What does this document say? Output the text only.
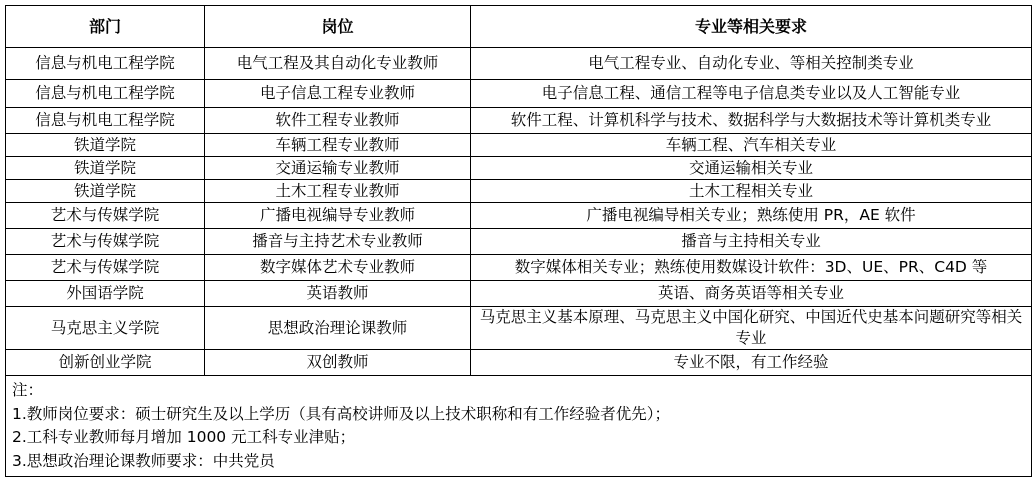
部门	岗位	专业等相关要求
信息与机电工程学院	电气工程及其自动化专业教师	电气工程专业、自动化专业、等相关控制类专业
信息与机电工程学院	电子信息工程专业教师	电子信息工程、通信工程等电子信息类专业以及人工智能专业
信息与机电工程学院	软件工程专业教师	软件工程、计算机科学与技术、数据科学与大数据技术等计算机类专业
铁道学院	车辆工程专业教师	车辆工程、汽车相关专业
铁道学院	交通运输专业教师	交通运输相关专业
铁道学院	土木工程专业教师	土木工程相关专业
艺术与传媒学院	广播电视编导专业教师	广播电视编导相关专业；熟练使用 PR，AE 软件
艺术与传媒学院	播音与主持艺术专业教师	播音与主持相关专业
艺术与传媒学院	数字媒体艺术专业教师	数字媒体相关专业；熟练使用数媒设计软件：3D、UE、PR、C4D 等
外国语学院	英语教师	英语、商务英语等相关专业
马克思主义学院	思想政治理论课教师	马克思主义基本原理、马克思主义中国化研究、中国近代史基本问题研究等相关专业
创新创业学院	双创教师	专业不限，有工作经验

注：
1.教师岗位要求：硕士研究生及以上学历（具有高校讲师及以上技术职称和有工作经验者优先）；
2.工科专业教师每月增加 1000 元工科专业津贴；
3.思想政治理论课教师要求：中共党员		
